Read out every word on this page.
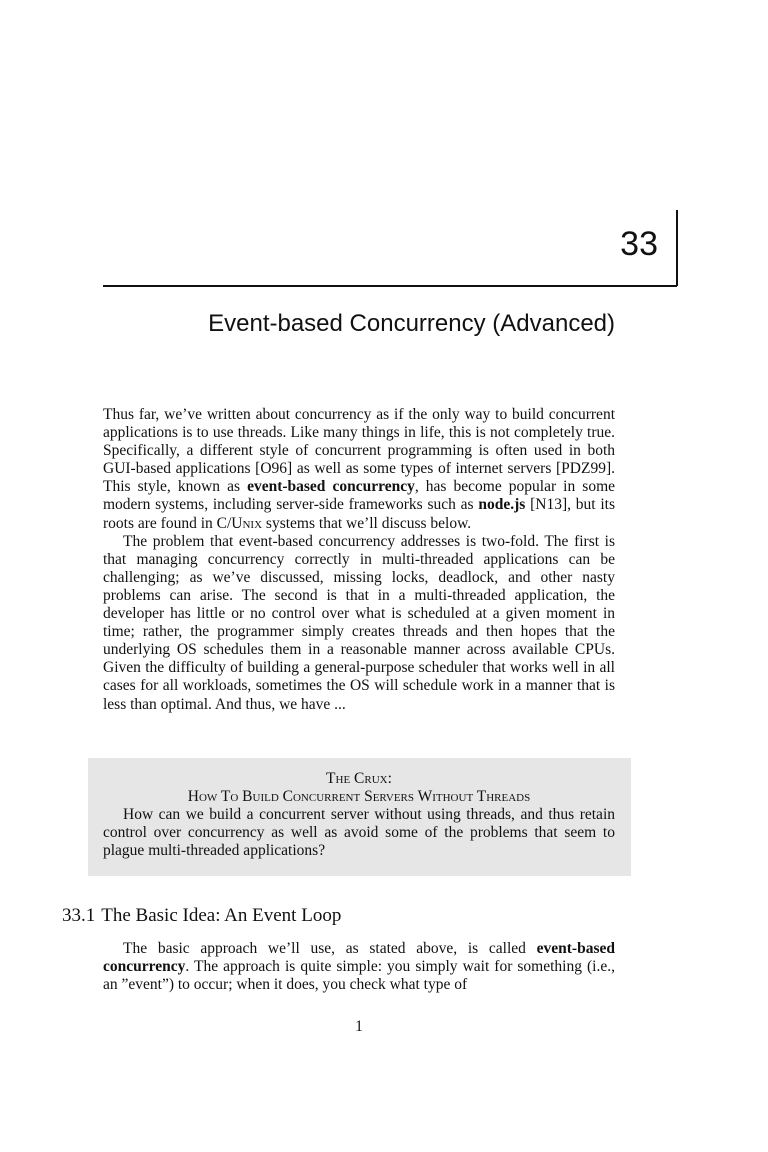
33
Event-based Concurrency (Advanced)

Thus far, we’ve written about concurrency as if the only way to build concurrent applications is to use threads. Like many things in life, this is not completely true. Specifically, a different style of concurrent programming is often used in both GUI-based applications [O96] as well as some types of internet servers [PDZ99]. This style, known as event-based concurrency, has become popular in some modern systems, including server-side frameworks such as node.js [N13], but its roots are found in C/Unix systems that we’ll discuss below.

The problem that event-based concurrency addresses is two-fold. The first is that managing concurrency correctly in multi-threaded applications can be challenging; as we’ve discussed, missing locks, deadlock, and other nasty problems can arise. The second is that in a multi-threaded application, the developer has little or no control over what is scheduled at a given moment in time; rather, the programmer simply creates threads and then hopes that the underlying OS schedules them in a reasonable manner across available CPUs. Given the difficulty of building a general-purpose scheduler that works well in all cases for all workloads, sometimes the OS will schedule work in a manner that is less than optimal. And thus, we have ...

The Crux:

How To Build Concurrent Servers Without Threads

How can we build a concurrent server without using threads, and thus retain control over concurrency as well as avoid some of the problems that seem to plague multi-threaded applications?

33.1 The Basic Idea: An Event Loop

The basic approach we’ll use, as stated above, is called event-based concurrency. The approach is quite simple: you simply wait for something (i.e., an ”event”) to occur; when it does, you check what type of

1
